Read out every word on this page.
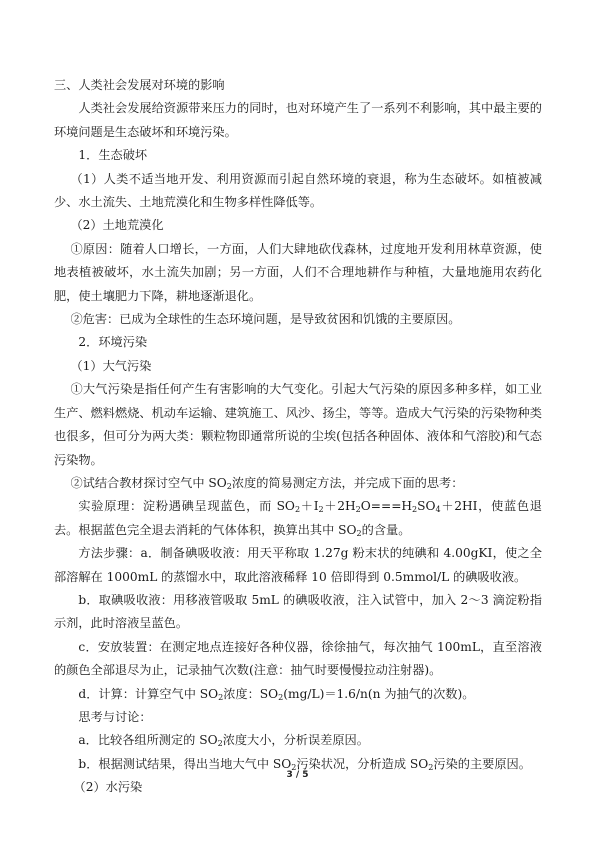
三、人类社会发展对环境的影响

人类社会发展给资源带来压力的同时，也对环境产生了一系列不利影响，其中最主要的环境问题是生态破坏和环境污染。

1．生态破坏

（1）人类不适当地开发、利用资源而引起自然环境的衰退，称为生态破坏。如植被减少、水土流失、土地荒漠化和生物多样性降低等。

（2）土地荒漠化

①原因：随着人口增长，一方面，人们大肆地砍伐森林，过度地开发利用林草资源，使地表植被破坏，水土流失加剧；另一方面，人们不合理地耕作与种植，大量地施用农药化肥，使土壤肥力下降，耕地逐渐退化。

②危害：已成为全球性的生态环境问题，是导致贫困和饥饿的主要原因。

2．环境污染

（1）大气污染

①大气污染是指任何产生有害影响的大气变化。引起大气污染的原因多种多样，如工业生产、燃料燃烧、机动车运输、建筑施工、风沙、扬尘，等等。造成大气污染的污染物种类也很多，但可分为两大类：颗粒物即通常所说的尘埃(包括各种固体、液体和气溶胶)和气态污染物。

②试结合教材探讨空气中 $SO_2$浓度的简易测定方法，并完成下面的思考：

实验原理：淀粉遇碘呈现蓝色，而 $SO_2+I_2+2H_2O===H_2SO_4+2HI$，使蓝色退去。根据蓝色完全退去消耗的气体体积，换算出其中 $SO_2$的含量。

方法步骤：a．制备碘吸收液：用天平称取 1.27g 粉末状的纯碘和 4.00gKI，使之全部溶解在 1000mL 的蒸馏水中，取此溶液稀释 10 倍即得到 0.5mmol/L 的碘吸收液。

b．取碘吸收液：用移液管吸取 5mL 的碘吸收液，注入试管中，加入 2～3 滴淀粉指示剂，此时溶液呈蓝色。

c．安放装置：在测定地点连接好各种仪器，徐徐抽气，每次抽气 100mL，直至溶液的颜色全部退尽为止，记录抽气次数(注意：抽气时要慢慢拉动注射器)。

d．计算：计算空气中 $SO_2$浓度：$SO_2(mg/L)=1.6/n(n$ 为抽气的次数)。

思考与讨论：

a．比较各组所测定的 $SO_2$浓度大小，分析误差原因。

b．根据测试结果，得出当地大气中 $SO_2$污染状况，分析造成 $SO_2$污染的主要原因。

（2）水污染

3 / 5
